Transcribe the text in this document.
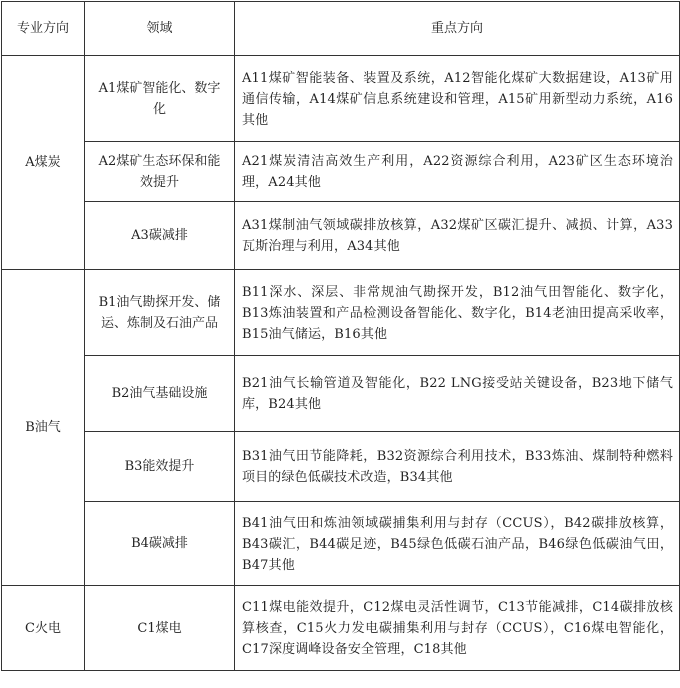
专业方向	领域	重点方向
A煤炭	A1煤矿智能化、数字化	A11煤矿智能装备、装置及系统，A12智能化煤矿大数据建设，A13矿用通信传输，A14煤矿信息系统建设和管理，A15矿用新型动力系统，A16其他
	A2煤矿生态环保和能效提升	A21煤炭清洁高效生产利用，A22资源综合利用，A23矿区生态环境治理，A24其他
	A3碳减排	A31煤制油气领域碳排放核算，A32煤矿区碳汇提升、减损、计算，A33瓦斯治理与利用，A34其他
B油气	B1油气勘探开发、储运、炼制及石油产品	B11深水、深层、非常规油气勘探开发，B12油气田智能化、数字化，B13炼油装置和产品检测设备智能化、数字化，B14老油田提高采收率，B15油气储运，B16其他
	B2油气基础设施	B21油气长输管道及智能化，B22 LNG接受站关键设备，B23地下储气库，B24其他
	B3能效提升	B31油气田节能降耗，B32资源综合利用技术，B33炼油、煤制特种燃料项目的绿色低碳技术改造，B34其他
	B4碳减排	B41油气田和炼油领域碳捕集利用与封存（CCUS），B42碳排放核算，B43碳汇，B44碳足迹，B45绿色低碳石油产品，B46绿色低碳油气田，B47其他
C火电	C1煤电	C11煤电能效提升，C12煤电灵活性调节，C13节能减排，C14碳排放核算核查，C15火力发电碳捕集利用与封存（CCUS），C16煤电智能化，C17深度调峰设备安全管理，C18其他
